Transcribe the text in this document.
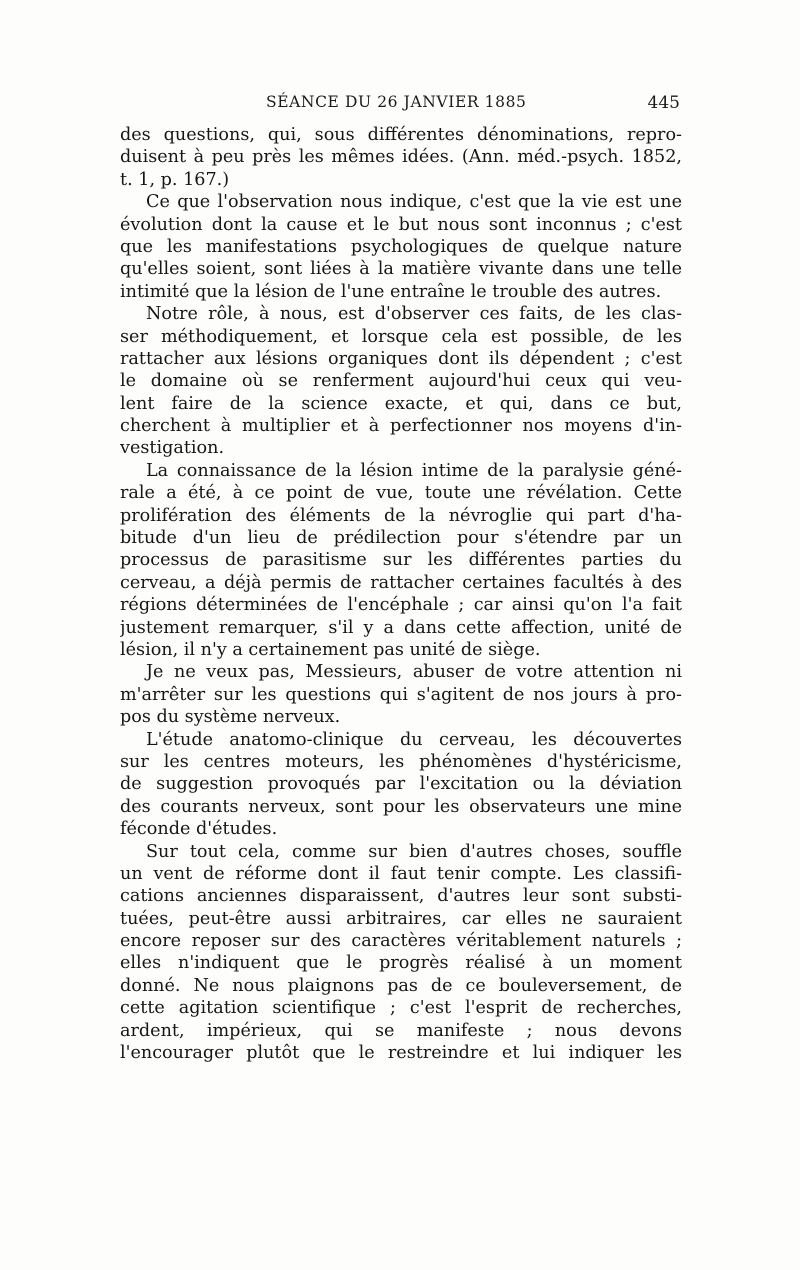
SÉANCE DU 26 JANVIER 1885	445
des questions, qui, sous différentes dénominations, repro-
duisent à peu près les mêmes idées. (Ann. méd.-psych. 1852,
t. 1, p. 167.)
Ce que l'observation nous indique, c'est que la vie est une
évolution dont la cause et le but nous sont inconnus ; c'est
que les manifestations psychologiques de quelque nature
qu'elles soient, sont liées à la matière vivante dans une telle
intimité que la lésion de l'une entraîne le trouble des autres.
Notre rôle, à nous, est d'observer ces faits, de les clas-
ser méthodiquement, et lorsque cela est possible, de les
rattacher aux lésions organiques dont ils dépendent ; c'est
le domaine où se renferment aujourd'hui ceux qui veu-
lent faire de la science exacte, et qui, dans ce but,
cherchent à multiplier et à perfectionner nos moyens d'in-
vestigation.
La connaissance de la lésion intime de la paralysie géné-
rale a été, à ce point de vue, toute une révélation. Cette
prolifération des éléments de la névroglie qui part d'ha-
bitude d'un lieu de prédilection pour s'étendre par un
processus de parasitisme sur les différentes parties du
cerveau, a déjà permis de rattacher certaines facultés à des
régions déterminées de l'encéphale ; car ainsi qu'on l'a fait
justement remarquer, s'il y a dans cette affection, unité de
lésion, il n'y a certainement pas unité de siège.
Je ne veux pas, Messieurs, abuser de votre attention ni
m'arrêter sur les questions qui s'agitent de nos jours à pro-
pos du système nerveux.
L'étude anatomo-clinique du cerveau, les découvertes
sur les centres moteurs, les phénomènes d'hystéricisme,
de suggestion provoqués par l'excitation ou la déviation
des courants nerveux, sont pour les observateurs une mine
féconde d'études.
Sur tout cela, comme sur bien d'autres choses, souffle
un vent de réforme dont il faut tenir compte. Les classifi-
cations anciennes disparaissent, d'autres leur sont substi-
tuées, peut-être aussi arbitraires, car elles ne sauraient
encore reposer sur des caractères véritablement naturels ;
elles n'indiquent que le progrès réalisé à un moment
donné. Ne nous plaignons pas de ce bouleversement, de
cette agitation scientifique ; c'est l'esprit de recherches,
ardent, impérieux, qui se manifeste ; nous devons
l'encourager plutôt que le restreindre et lui indiquer les
